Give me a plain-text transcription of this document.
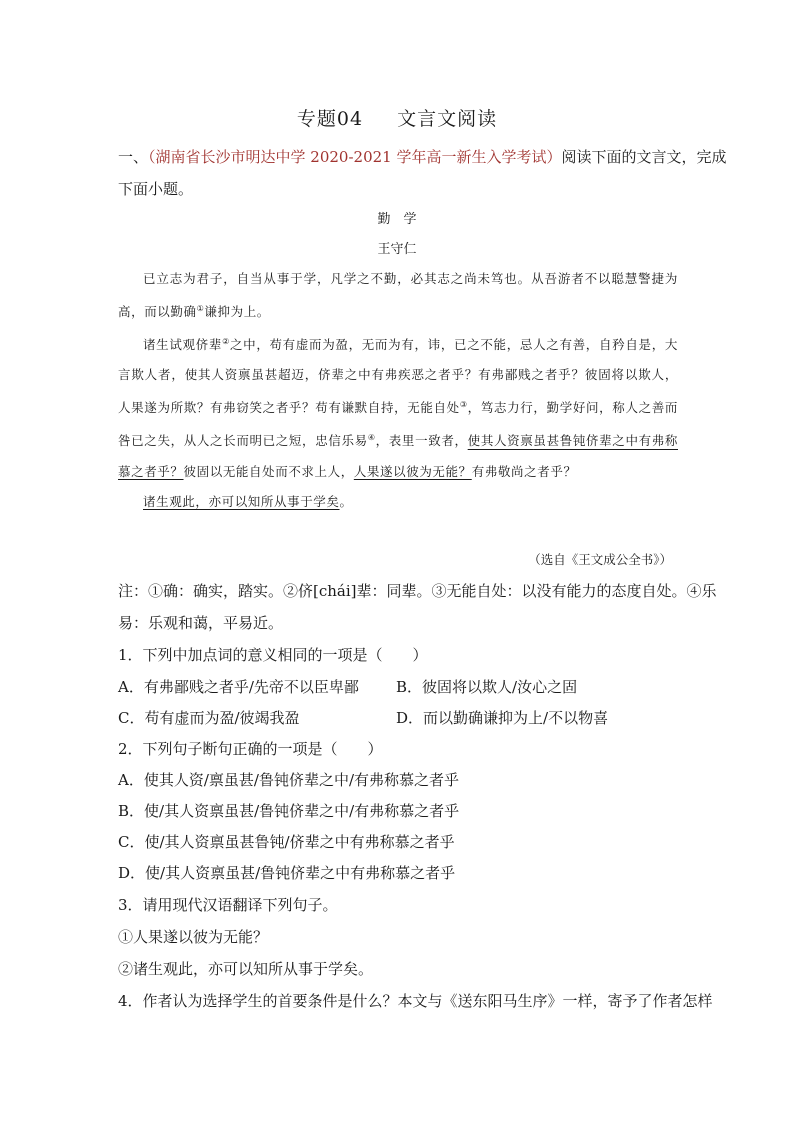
专题04 文言文阅读
一、（湖南省长沙市明达中学 2020-2021 学年高一新生入学考试）阅读下面的文言文，完成
下面小题。
勤　学
王守仁

已立志为君子，自当从事于学，凡学之不勤，必其志之尚未笃也。从吾游者不以聪慧警捷为高，而以勤确①谦抑为上。

诸生试观侪辈②之中，苟有虚而为盈，无而为有，讳，已之不能，忌人之有善，自矜自是，大言欺人者，使其人资禀虽甚超迈，侪辈之中有弗疾恶之者乎？有弗鄙贱之者乎？彼固将以欺人，人果遂为所欺？有弗窃笑之者乎？苟有谦默自持，无能自处③，笃志力行，勤学好问，称人之善而咎已之失，从人之长而明已之短，忠信乐易④，表里一致者，使其人资禀虽甚鲁钝侪辈之中有弗称慕之者乎？彼固以无能自处而不求上人，人果遂以彼为无能？有弗敬尚之者乎？

诸生观此，亦可以知所从事于学矣。

（选自《王文成公全书》）
注：①确：确实，踏实。②侪[chái]辈：同辈。③无能自处：以没有能力的态度自处。④乐
易：乐观和蔼，平易近。
1．下列中加点词的意义相同的一项是（　　）
A．有弗鄙贱之者乎/先帝不以臣卑鄙 B．彼固将以欺人/汝心之固
C．苟有虚而为盈/彼竭我盈	D．而以勤确谦抑为上/不以物喜
2．下列句子断句正确的一项是（　　）
A．使其人资/禀虽甚/鲁钝侪辈之中/有弗称慕之者乎
B．使/其人资禀虽甚/鲁钝侪辈之中/有弗称慕之者乎
C．使/其人资禀虽甚鲁钝/侪辈之中有弗称慕之者乎
D．使/其人资禀虽甚/鲁钝侪辈之中有弗称慕之者乎
3．请用现代汉语翻译下列句子。
①人果遂以彼为无能？
②诸生观此，亦可以知所从事于学矣。
4．作者认为选择学生的首要条件是什么？本文与《送东阳马生序》一样，寄予了作者怎样
